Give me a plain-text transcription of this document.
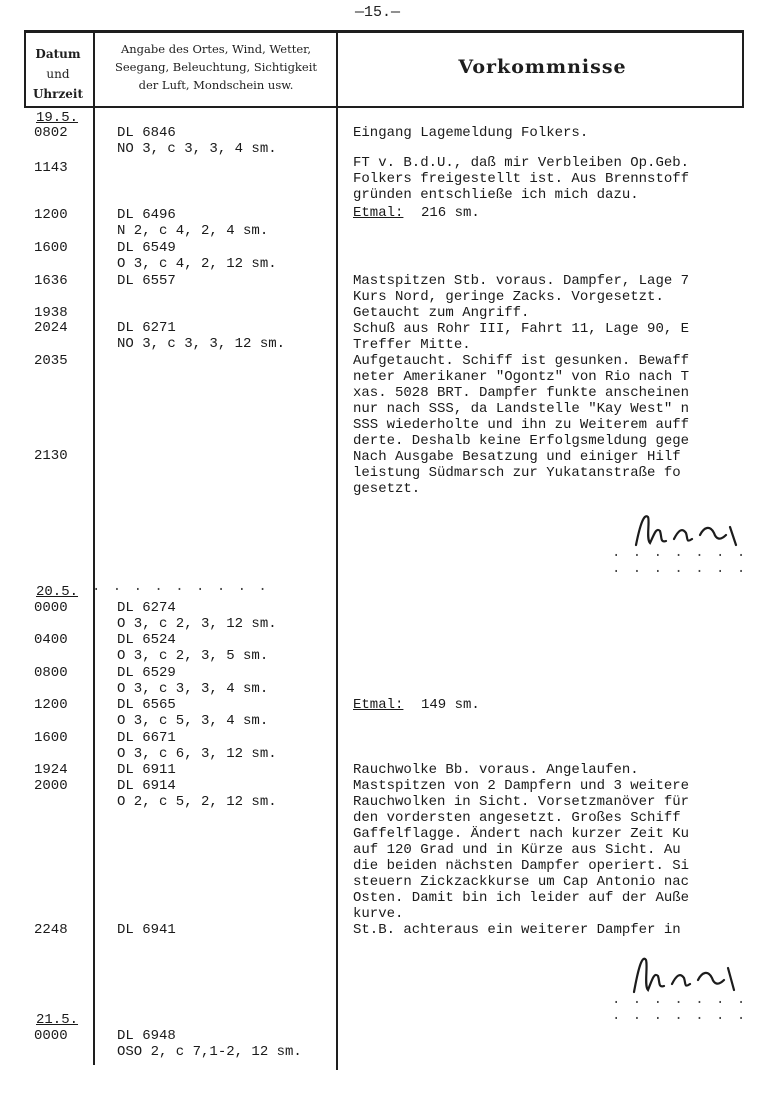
—15.—
Datum
und
Uhrzeit
Angabe des Ortes, Wind, Wetter,
Seegang, Beleuchtung, Sichtigkeit
der Luft, Mondschein usw.
Vorkommnisse
19.5.
20.5.
21.5.
0802
1143
1200
1600
1636
1938
2024
2035
2130
0000
0400
0800
1200
1600
1924
2000
2248
0000
DL 6846
NO 3, c 3, 3, 4 sm.
DL 6496
N 2, c 4, 2, 4 sm.
DL 6549
O 3, c 4, 2, 12 sm.
DL 6557
DL 6271
NO 3, c 3, 3, 12 sm.
DL 6274
O 3, c 2, 3, 12 sm.
DL 6524
O 3, c 2, 3, 5 sm.
DL 6529
O 3, c 3, 3, 4 sm.
DL 6565
O 3, c 5, 3, 4 sm.
DL 6671
O 3, c 6, 3, 12 sm.
DL 6911
DL 6914
O 2, c 5, 2, 12 sm.
DL 6941
DL 6948
OSO 2, c 7,1-2, 12 sm.
Eingang Lagemeldung Folkers.
FT v. B.d.U., daß mir Verbleiben Op.Geb.
Folkers freigestellt ist. Aus Brennstoff
gründen entschließe ich mich dazu.
Etmal: 216 sm.
Mastspitzen Stb. voraus. Dampfer, Lage 7
Kurs Nord, geringe Zacks. Vorgesetzt.
Getaucht zum Angriff.
Schuß aus Rohr III, Fahrt 11, Lage 90, E
Treffer Mitte.
Aufgetaucht. Schiff ist gesunken. Bewaff
neter Amerikaner "Ogontz" von Rio nach T
xas. 5028 BRT. Dampfer funkte anscheinen
nur nach SSS, da Landstelle "Kay West" n
SSS wiederholte und ihn zu Weiterem auff
derte. Deshalb keine Erfolgsmeldung gege
Nach Ausgabe Besatzung und einiger Hilf
leistung Südmarsch zur Yukatanstraße fo
gesetzt.
Etmal: 149 sm.
Rauchwolke Bb. voraus. Angelaufen.
Mastspitzen von 2 Dampfern und 3 weitere
Rauchwolken in Sicht. Vorsetzmanöver für
den vordersten angesetzt. Großes Schiff
Gaffelflagge. Ändert nach kurzer Zeit Ku
auf 120 Grad und in Kürze aus Sicht. Au
die beiden nächsten Dampfer operiert. Si
steuern Zickzackkurse um Cap Antonio nac
Osten. Damit bin ich leider auf der Auße
kurve.
St.B. achteraus ein weiterer Dampfer in
. . . . . . . . .
. . . . . . . . . . . . . .
. . . . . . . . . . . . . .
